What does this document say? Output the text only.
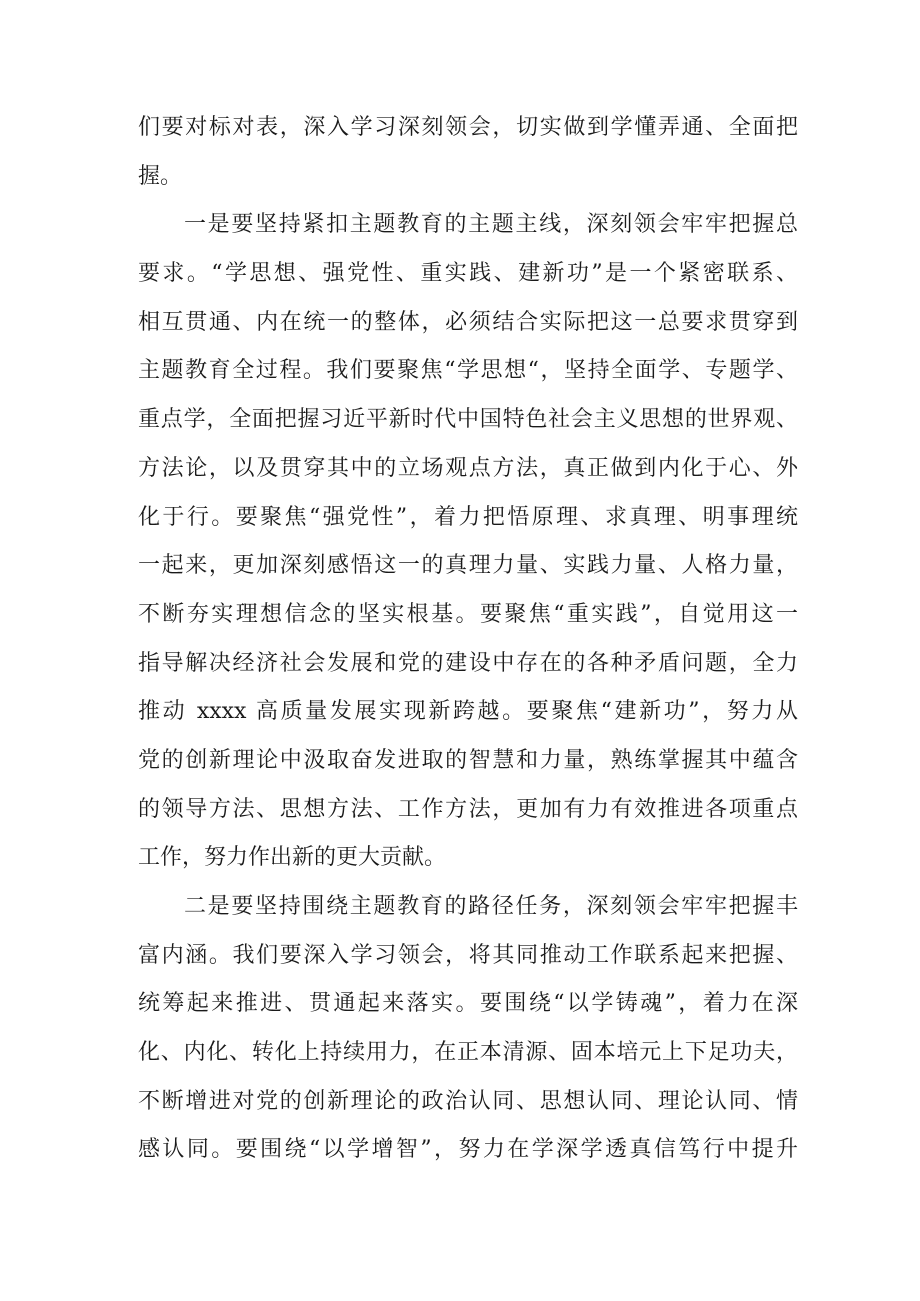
们要对标对表，深入学习深刻领会，切实做到学懂弄通、全面把
握。
一是要坚持紧扣主题教育的主题主线，深刻领会牢牢把握总
要求。“学思想、强党性、重实践、建新功”是一个紧密联系、
相互贯通、内在统一的整体，必须结合实际把这一总要求贯穿到
主题教育全过程。我们要聚焦“学思想“，坚持全面学、专题学、
重点学，全面把握习近平新时代中国特色社会主义思想的世界观、
方法论，以及贯穿其中的立场观点方法，真正做到内化于心、外
化于行。要聚焦“强党性”，着力把悟原理、求真理、明事理统
一起来，更加深刻感悟这一的真理力量、实践力量、人格力量，
不断夯实理想信念的坚实根基。要聚焦“重实践”，自觉用这一
指导解决经济社会发展和党的建设中存在的各种矛盾问题，全力
推动 xxxx 高质量发展实现新跨越。要聚焦“建新功”，努力从
党的创新理论中汲取奋发进取的智慧和力量，熟练掌握其中蕴含
的领导方法、思想方法、工作方法，更加有力有效推进各项重点
工作，努力作出新的更大贡献。
二是要坚持围绕主题教育的路径任务，深刻领会牢牢把握丰
富内涵。我们要深入学习领会，将其同推动工作联系起来把握、
统筹起来推进、贯通起来落实。要围绕“以学铸魂”，着力在深
化、内化、转化上持续用力，在正本清源、固本培元上下足功夫，
不断增进对党的创新理论的政治认同、思想认同、理论认同、情
感认同。要围绕“以学增智”，努力在学深学透真信笃行中提升
